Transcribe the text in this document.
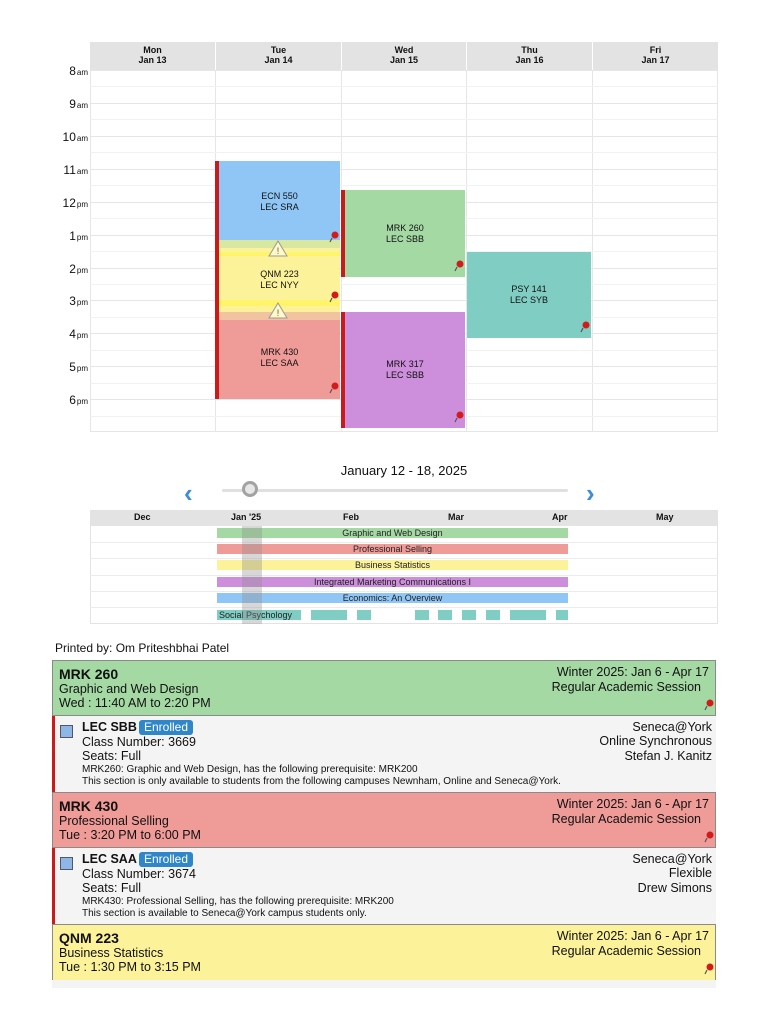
Mon
Jan 13
Tue
Jan 14
Wed
Jan 15
Thu
Jan 16
Fri
Jan 17
8am
9am
10am
11am
12pm
1pm
2pm
3pm
4pm
5pm
6pm
ECN 550
LEC SRA
QNM 223
LEC NYY
MRK 430
LEC SAA
MRK 260
LEC SBB
MRK 317
LEC SBB
PSY 141
LEC SYB
!
!
January 12 - 18, 2025
‹	›
Dec	Jan '25	Feb	Mar	Apr	May
Graphic and Web Design
Professional Selling
Business Statistics
Integrated Marketing Communications I
Economics: An Overview
Social Psychology
Printed by: Om Priteshbhai Patel
MRK 260
Graphic and Web Design
Wed : 11:40 AM to 2:20 PM
Winter 2025: Jan 6 - Apr 17
Regular Academic Session
LEC SBB Enrolled
Class Number: 3669
Seats: Full
MRK260: Graphic and Web Design, has the following prerequisite: MRK200
This section is only available to students from the following campuses Newnham, Online and Seneca@York.
Seneca@York
Online Synchronous
Stefan J. Kanitz
MRK 430
Professional Selling
Tue : 3:20 PM to 6:00 PM
Winter 2025: Jan 6 - Apr 17
Regular Academic Session
LEC SAA Enrolled
Class Number: 3674
Seats: Full
MRK430: Professional Selling, has the following prerequisite: MRK200
This section is available to Seneca@York campus students only.
Seneca@York
Flexible
Drew Simons
QNM 223
Business Statistics
Tue : 1:30 PM to 3:15 PM
Winter 2025: Jan 6 - Apr 17
Regular Academic Session
